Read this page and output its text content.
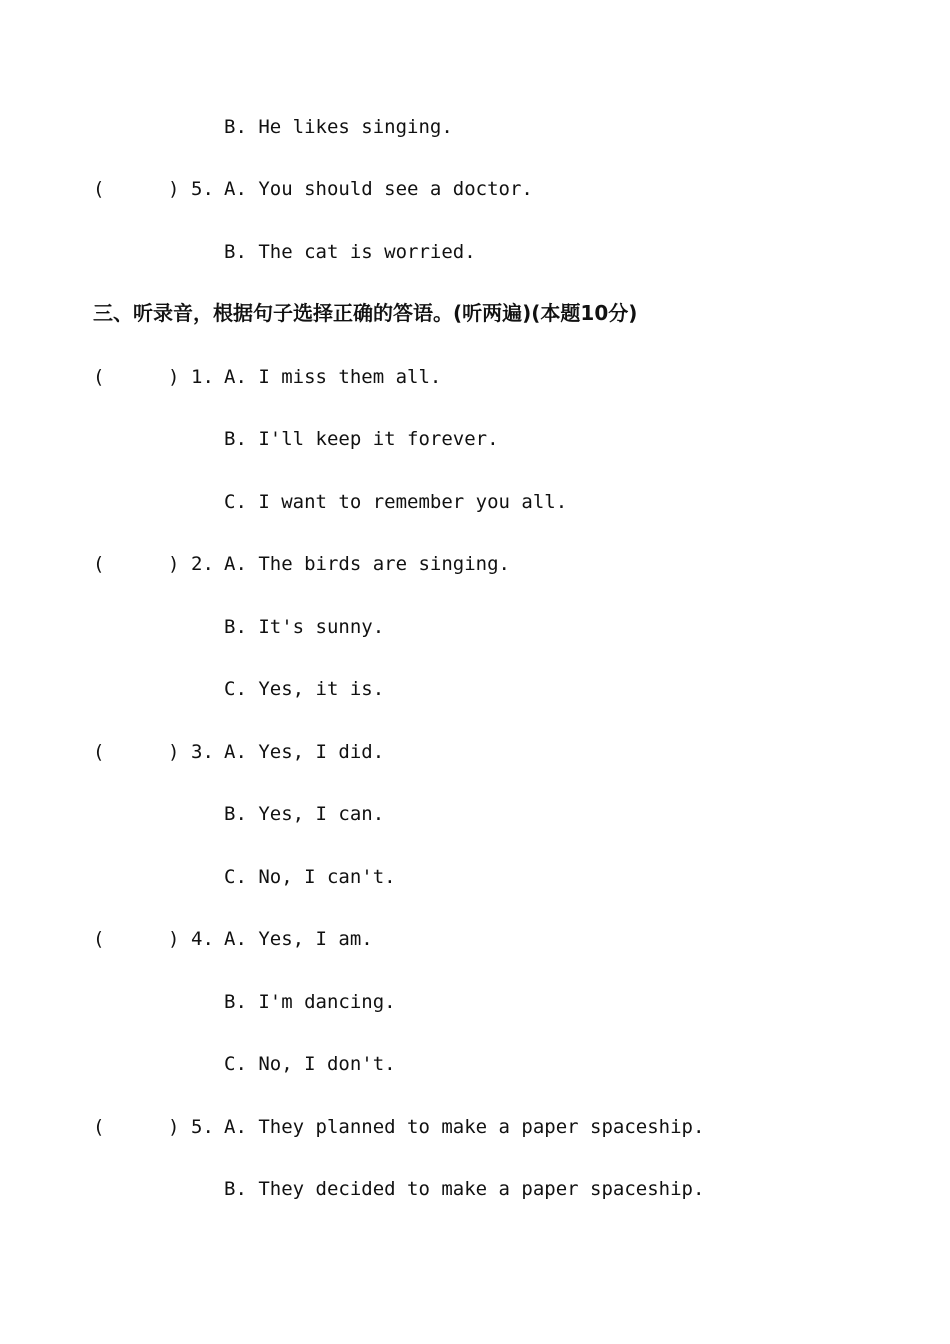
B. He likes singing.
(	) 5. A. You should see a doctor.
B. The cat is worried.
三、听录音，根据句子选择正确的答语。(听两遍)(本题10分)
(	) 1. A. I miss them all.
B. I'll keep it forever.
C. I want to remember you all.
(	) 2. A. The birds are singing.
B. It's sunny.
C. Yes, it is.
(	) 3. A. Yes, I did.
B. Yes, I can.
C. No, I can't.
(	) 4. A. Yes, I am.
B. I'm dancing.
C. No, I don't.
(	) 5. A. They planned to make a paper spaceship.
B. They decided to make a paper spaceship.
